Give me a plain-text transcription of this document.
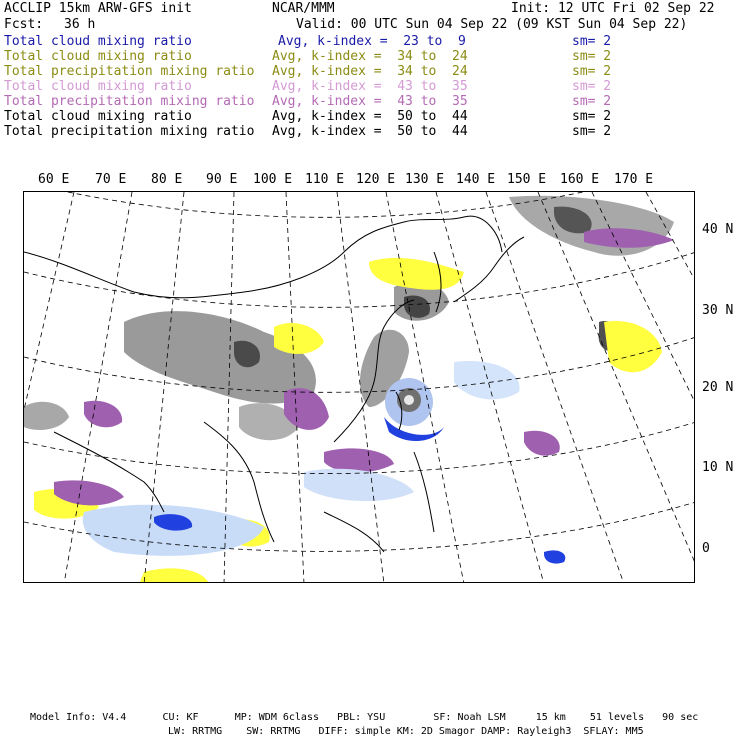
ACCLIP 15km ARW-GFS init	NCAR/MMM	Init: 12 UTC Fri 02 Sep 22
Fcst: 36 h	Valid: 00 UTC Sun 04 Sep 22 (09 KST Sun 04 Sep 22)
Total cloud mixing ratio	Avg, k-index =  23 to  9	sm= 2
Total cloud mixing ratio	Avg, k-index =  34 to  24	sm= 2
Total precipitation mixing ratio Avg, k-index =  34 to  24	sm= 2
Total cloud mixing ratio	Avg, k-index =  43 to  35	sm= 2
Total precipitation mixing ratio Avg, k-index =  43 to  35	sm= 2
Total cloud mixing ratio	Avg, k-index =  50 to  44	sm= 2
Total precipitation mixing ratio Avg, k-index =  50 to  44	sm= 2
60 E 70 E 80 E 90 E 100 E 110 E 120 E 130 E 140 E 150 E 160 E 170 E
40 N
30 N
20 N
10 N
0
Model Info: V4.4      CU: KF      MP: WDM 6class   PBL: YSU        SF: Noah LSM     15 km    51 levels   90 sec
LW: RRTMG    SW: RRTMG   DIFF: simple KM: 2D Smagor DAMP: Rayleigh3  SFLAY: MM5
